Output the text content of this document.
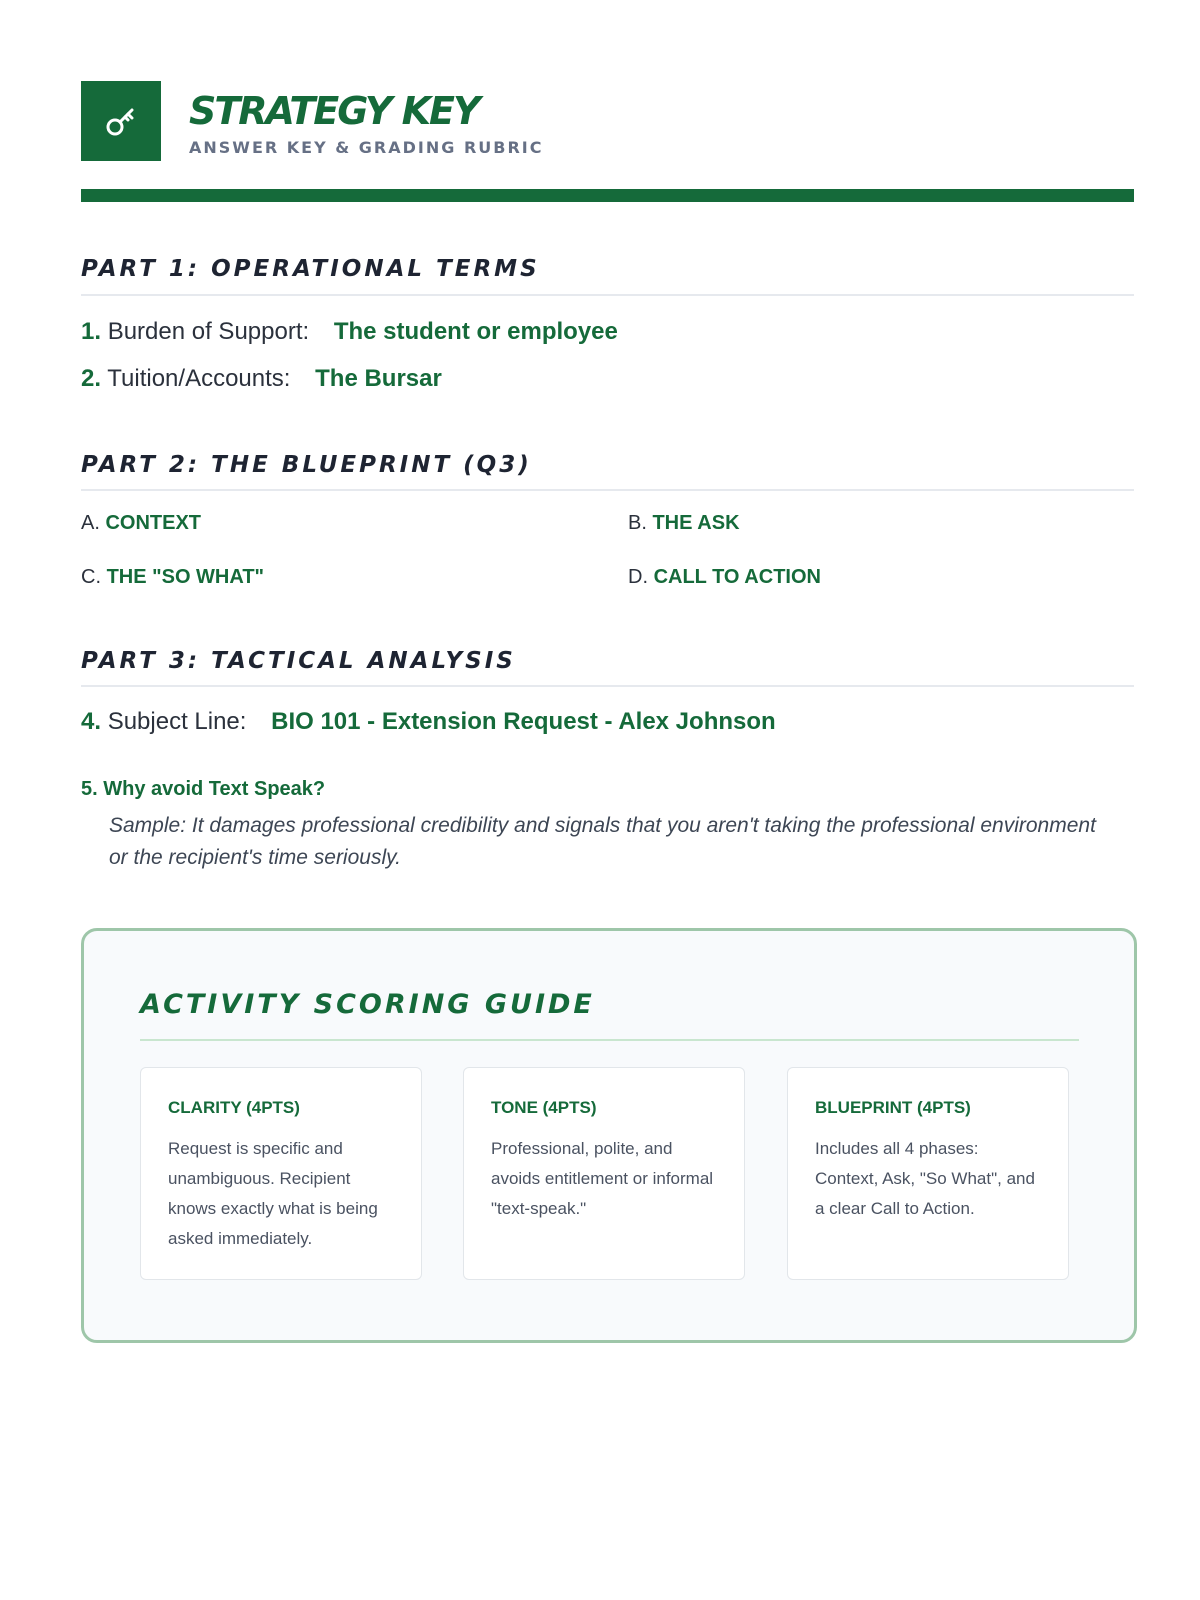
STRATEGY KEY
ANSWER KEY & GRADING RUBRIC
PART 1: OPERATIONAL TERMS
1. Burden of Support: The student or employee
2. Tuition/Accounts: The Bursar
PART 2: THE BLUEPRINT (Q3)
A. CONTEXT	B. THE ASK
C. THE "SO WHAT"	D. CALL TO ACTION
PART 3: TACTICAL ANALYSIS
4. Subject Line: BIO 101 - Extension Request - Alex Johnson
5. Why avoid Text Speak?
Sample: It damages professional credibility and signals that you aren't taking the professional environment or the recipient's time seriously.
ACTIVITY SCORING GUIDE
CLARITY (4PTS)
Request is specific and unambiguous. Recipient knows exactly what is being asked immediately.
TONE (4PTS)
Professional, polite, and avoids entitlement or informal "text-speak."
BLUEPRINT (4PTS)
Includes all 4 phases: Context, Ask, "So What", and a clear Call to Action.
